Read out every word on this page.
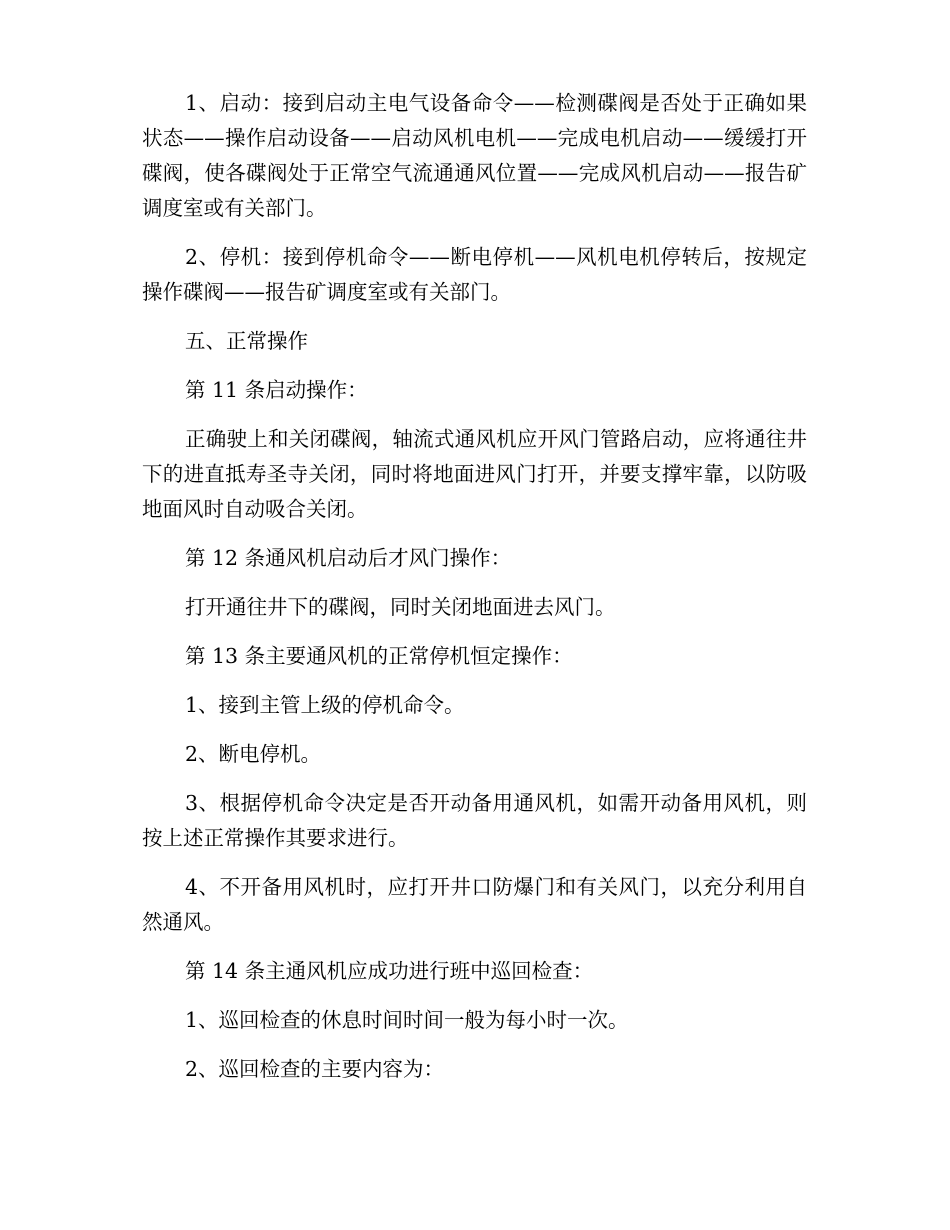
1、启动：接到启动主电气设备命令——检测碟阀是否处于正确如果状态——操作启动设备——启动风机电机——完成电机启动——缓缓打开碟阀，使各碟阀处于正常空气流通通风位置——完成风机启动——报告矿调度室或有关部门。

2、停机：接到停机命令——断电停机——风机电机停转后，按规定操作碟阀——报告矿调度室或有关部门。

五、正常操作

第 11 条启动操作：

正确驶上和关闭碟阀，轴流式通风机应开风门管路启动，应将通往井下的进直抵寿圣寺关闭，同时将地面进风门打开，并要支撑牢靠，以防吸地面风时自动吸合关闭。

第 12 条通风机启动后才风门操作：

打开通往井下的碟阀，同时关闭地面进去风门。

第 13 条主要通风机的正常停机恒定操作：

1、接到主管上级的停机命令。

2、断电停机。

3、根据停机命令决定是否开动备用通风机，如需开动备用风机，则按上述正常操作其要求进行。

4、不开备用风机时，应打开井口防爆门和有关风门，以充分利用自然通风。

第 14 条主通风机应成功进行班中巡回检查：

1、巡回检查的休息时间时间一般为每小时一次。

2、巡回检查的主要内容为：
